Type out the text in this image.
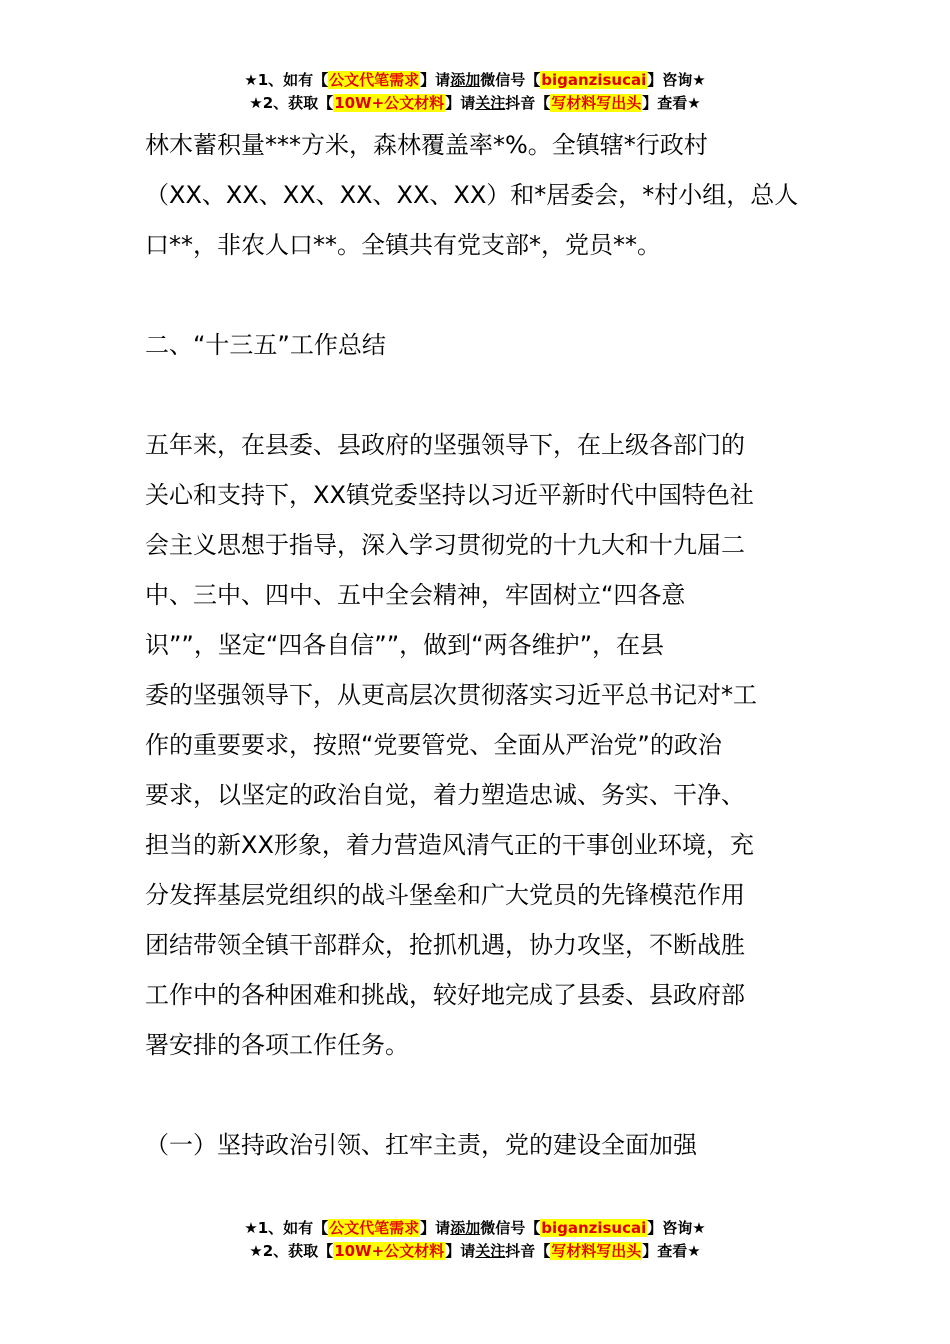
★1、如有【公文代笔需求】请添加微信号【biganzisucai】咨询★
★2、获取【10W+公文材料】请关注抖音【写材料写出头】查看★

林木蓄积量***方米，森林覆盖率*%。全镇辖*行政村
（XX、XX、XX、XX、XX、XX）和*居委会，*村小组，总人
口**，非农人口**。全镇共有党支部*，党员**。

二、“十三五”工作总结

五年来，在县委、县政府的坚强领导下，在上级各部门的
关心和支持下，XX镇党委坚持以习近平新时代中国特色社
会主义思想于指导，深入学习贯彻党的十九大和十九届二
中、三中、四中、五中全会精神，牢固树立“四各意
识””，坚定“四各自信””，做到“两各维护”，在县
委的坚强领导下，从更高层次贯彻落实习近平总书记对*工
作的重要要求，按照“党要管党、全面从严治党”的政治
要求，以坚定的政治自觉，着力塑造忠诚、务实、干净、
担当的新XX形象，着力营造风清气正的干事创业环境，充
分发挥基层党组织的战斗堡垒和广大党员的先锋模范作用
团结带领全镇干部群众，抢抓机遇，协力攻坚，不断战胜
工作中的各种困难和挑战，较好地完成了县委、县政府部
署安排的各项工作任务。

（一）坚持政治引领、扛牢主责，党的建设全面加强

★1、如有【公文代笔需求】请添加微信号【biganzisucai】咨询★
★2、获取【10W+公文材料】请关注抖音【写材料写出头】查看★
